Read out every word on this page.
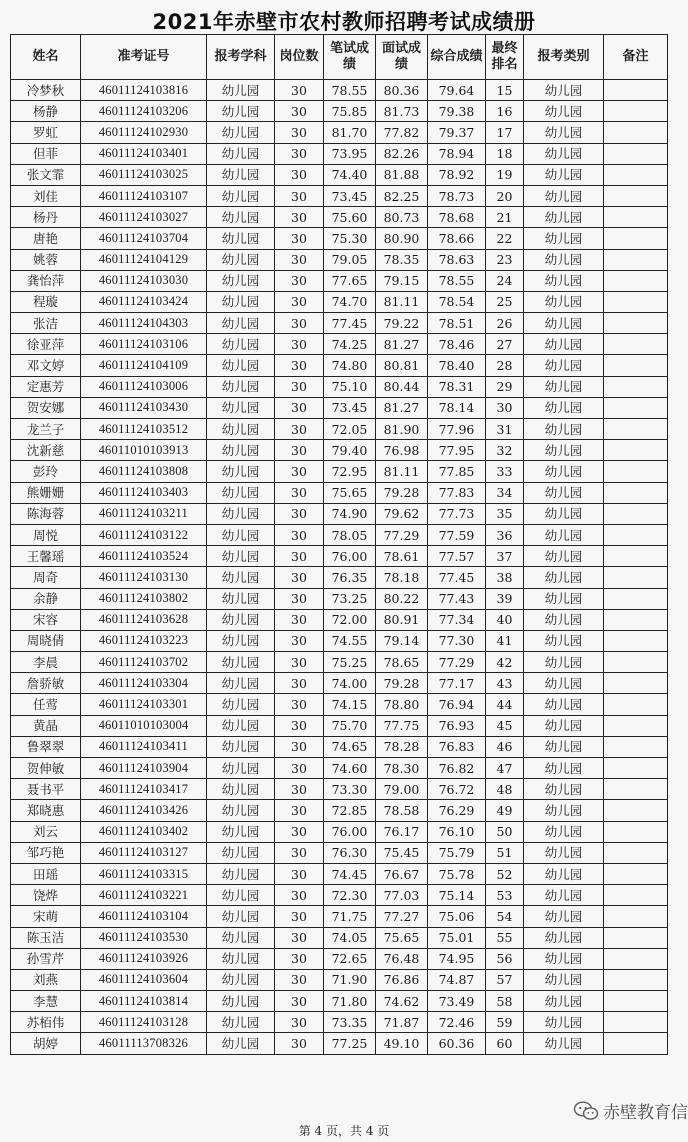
2021年赤壁市农村教师招聘考试成绩册
姓名	准考证号	报考学科	岗位数	笔试成绩	面试成绩	综合成绩	最终排名	报考类别	备注
冷梦秋	46011124103816	幼儿园	30	78.55	80.36	79.64	15	幼儿园	
杨静	46011124103206	幼儿园	30	75.85	81.73	79.38	16	幼儿园	
罗虹	46011124102930	幼儿园	30	81.70	77.82	79.37	17	幼儿园	
但菲	46011124103401	幼儿园	30	73.95	82.26	78.94	18	幼儿园	
张文霏	46011124103025	幼儿园	30	74.40	81.88	78.92	19	幼儿园	
刘佳	46011124103107	幼儿园	30	73.45	82.25	78.73	20	幼儿园	
杨丹	46011124103027	幼儿园	30	75.60	80.73	78.68	21	幼儿园	
唐艳	46011124103704	幼儿园	30	75.30	80.90	78.66	22	幼儿园	
姚蓉	46011124104129	幼儿园	30	79.05	78.35	78.63	23	幼儿园	
龚怡萍	46011124103030	幼儿园	30	77.65	79.15	78.55	24	幼儿园	
程璇	46011124103424	幼儿园	30	74.70	81.11	78.54	25	幼儿园	
张洁	46011124104303	幼儿园	30	77.45	79.22	78.51	26	幼儿园	
徐亚萍	46011124103106	幼儿园	30	74.25	81.27	78.46	27	幼儿园	
邓文婷	46011124104109	幼儿园	30	74.80	80.81	78.40	28	幼儿园	
定惠芳	46011124103006	幼儿园	30	75.10	80.44	78.31	29	幼儿园	
贺安娜	46011124103430	幼儿园	30	73.45	81.27	78.14	30	幼儿园	
龙兰子	46011124103512	幼儿园	30	72.05	81.90	77.96	31	幼儿园	
沈新慈	46011010103913	幼儿园	30	79.40	76.98	77.95	32	幼儿园	
彭玲	46011124103808	幼儿园	30	72.95	81.11	77.85	33	幼儿园	
熊姗姗	46011124103403	幼儿园	30	75.65	79.28	77.83	34	幼儿园	
陈海蓉	46011124103211	幼儿园	30	74.90	79.62	77.73	35	幼儿园	
周悦	46011124103122	幼儿园	30	78.05	77.29	77.59	36	幼儿园	
王馨瑶	46011124103524	幼儿园	30	76.00	78.61	77.57	37	幼儿园	
周奇	46011124103130	幼儿园	30	76.35	78.18	77.45	38	幼儿园	
余静	46011124103802	幼儿园	30	73.25	80.22	77.43	39	幼儿园	
宋容	46011124103628	幼儿园	30	72.00	80.91	77.34	40	幼儿园	
周晓倩	46011124103223	幼儿园	30	74.55	79.14	77.30	41	幼儿园	
李晨	46011124103702	幼儿园	30	75.25	78.65	77.29	42	幼儿园	
詹骄敏	46011124103304	幼儿园	30	74.00	79.28	77.17	43	幼儿园	
任莺	46011124103301	幼儿园	30	74.15	78.80	76.94	44	幼儿园	
黄晶	46011010103004	幼儿园	30	75.70	77.75	76.93	45	幼儿园	
鲁翠翠	46011124103411	幼儿园	30	74.65	78.28	76.83	46	幼儿园	
贺伸敏	46011124103904	幼儿园	30	74.60	78.30	76.82	47	幼儿园	
聂书平	46011124103417	幼儿园	30	73.30	79.00	76.72	48	幼儿园	
郑晓惠	46011124103426	幼儿园	30	72.85	78.58	76.29	49	幼儿园	
刘云	46011124103402	幼儿园	30	76.00	76.17	76.10	50	幼儿园	
邹巧艳	46011124103127	幼儿园	30	76.30	75.45	75.79	51	幼儿园	
田瑶	46011124103315	幼儿园	30	74.45	76.67	75.78	52	幼儿园	
饶烨	46011124103221	幼儿园	30	72.30	77.03	75.14	53	幼儿园	
宋萌	46011124103104	幼儿园	30	71.75	77.27	75.06	54	幼儿园	
陈玉洁	46011124103530	幼儿园	30	74.05	75.65	75.01	55	幼儿园	
孙雪芹	46011124103926	幼儿园	30	72.65	76.48	74.95	56	幼儿园	
刘燕	46011124103604	幼儿园	30	71.90	76.86	74.87	57	幼儿园	
李慧	46011124103814	幼儿园	30	71.80	74.62	73.49	58	幼儿园	
苏栢伟	46011124103128	幼儿园	30	73.35	71.87	72.46	59	幼儿园	
胡婷	46011113708326	幼儿园	30	77.25	49.10	60.36	60	幼儿园	
第 4 页，共 4 页
赤壁教育信
